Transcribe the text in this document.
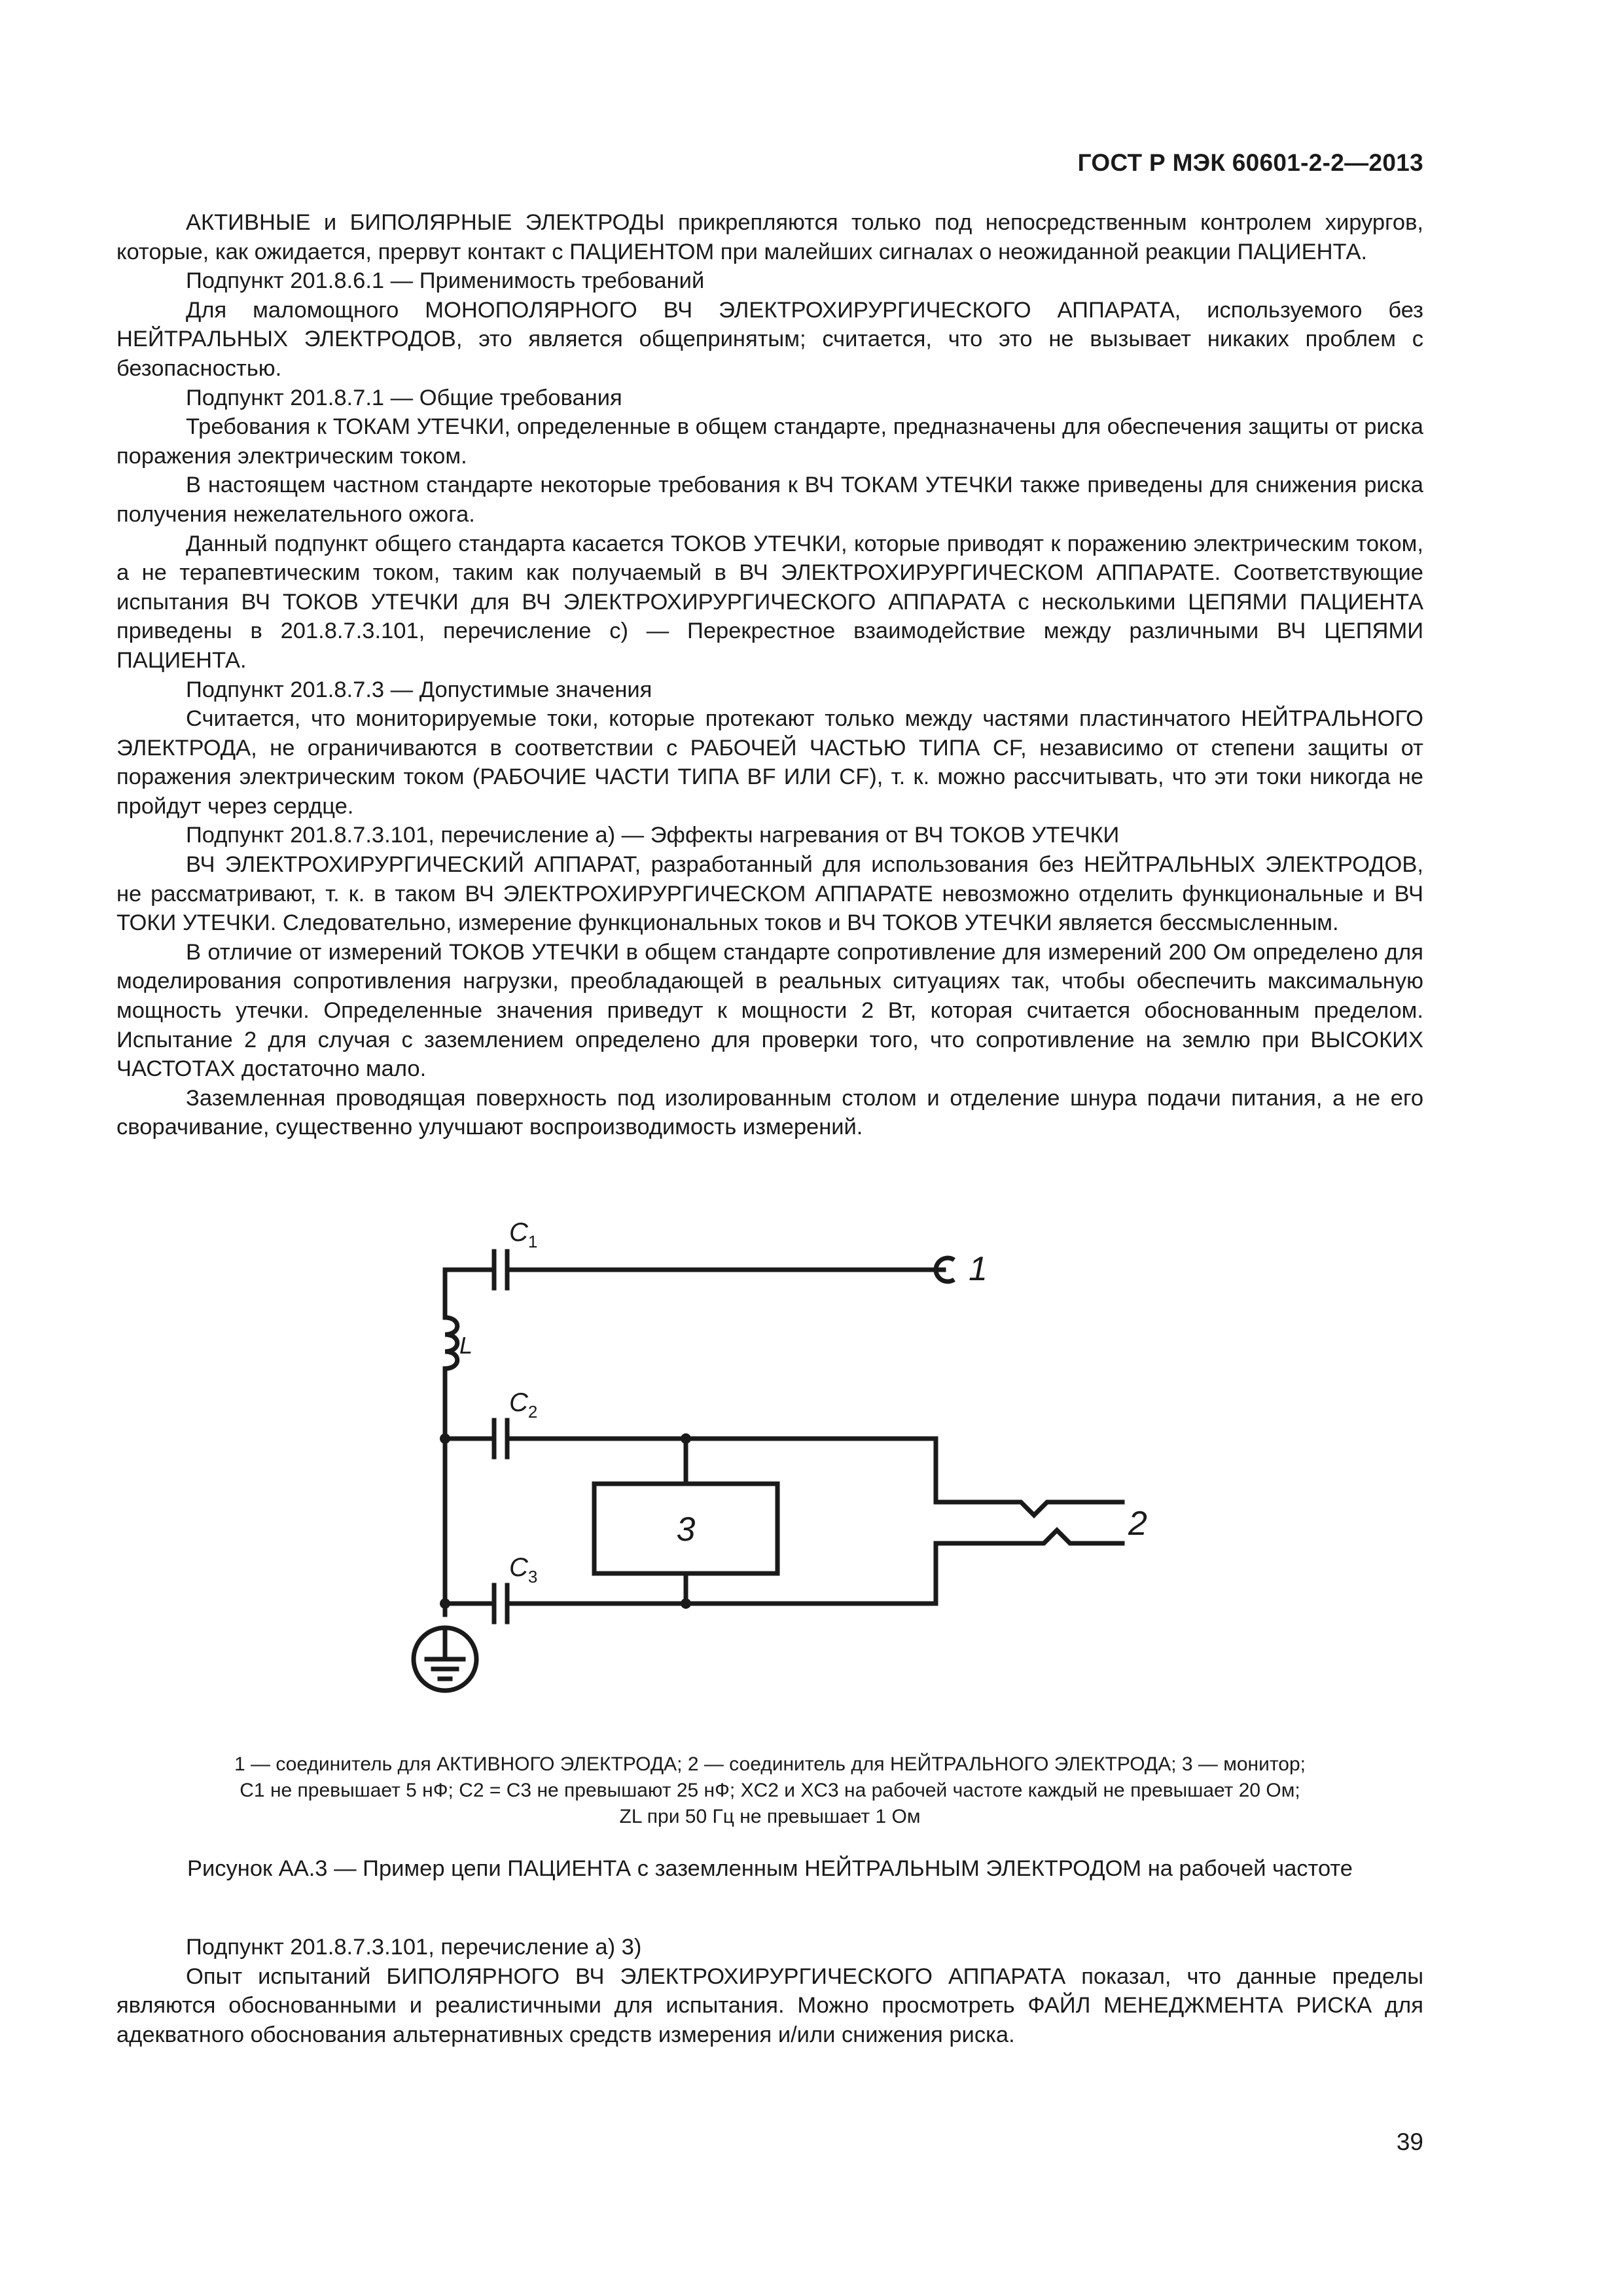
ГОСТ Р МЭК 60601-2-2—2013

АКТИВНЫЕ и БИПОЛЯРНЫЕ ЭЛЕКТРОДЫ прикрепляются только под непосредственным контролем хирургов, которые, как ожидается, прервут контакт с ПАЦИЕНТОМ при малейших сигналах о неожиданной реакции ПАЦИЕНТА.

Подпункт 201.8.6.1 — Применимость требований

Для маломощного МОНОПОЛЯРНОГО ВЧ ЭЛЕКТРОХИРУРГИЧЕСКОГО АППАРАТА, используемого без НЕЙТРАЛЬНЫХ ЭЛЕКТРОДОВ, это является общепринятым; считается, что это не вызывает никаких проблем с безопасностью.

Подпункт 201.8.7.1 — Общие требования

Требования к ТОКАМ УТЕЧКИ, определенные в общем стандарте, предназначены для обеспечения защиты от риска поражения электрическим током.

В настоящем частном стандарте некоторые требования к ВЧ ТОКАМ УТЕЧКИ также приведены для снижения риска получения нежелательного ожога.

Данный подпункт общего стандарта касается ТОКОВ УТЕЧКИ, которые приводят к поражению электрическим током, а не терапевтическим током, таким как получаемый в ВЧ ЭЛЕКТРОХИРУРГИЧЕСКОМ АППАРАТЕ. Соответствующие испытания ВЧ ТОКОВ УТЕЧКИ для ВЧ ЭЛЕКТРОХИРУРГИЧЕСКОГО АППАРАТА с несколькими ЦЕПЯМИ ПАЦИЕНТА приведены в 201.8.7.3.101, перечисление с) — Перекрестное взаимодействие между различными ВЧ ЦЕПЯМИ ПАЦИЕНТА.

Подпункт 201.8.7.3 — Допустимые значения

Считается, что мониторируемые токи, которые протекают только между частями пластинчатого НЕЙТРАЛЬНОГО ЭЛЕКТРОДА, не ограничиваются в соответствии с РАБОЧЕЙ ЧАСТЬЮ ТИПА CF, независимо от степени защиты от поражения электрическим током (РАБОЧИЕ ЧАСТИ ТИПА BF ИЛИ CF), т. к. можно рассчитывать, что эти токи никогда не пройдут через сердце.

Подпункт 201.8.7.3.101, перечисление а) — Эффекты нагревания от ВЧ ТОКОВ УТЕЧКИ

ВЧ ЭЛЕКТРОХИРУРГИЧЕСКИЙ АППАРАТ, разработанный для использования без НЕЙТРАЛЬНЫХ ЭЛЕКТРОДОВ, не рассматривают, т. к. в таком ВЧ ЭЛЕКТРОХИРУРГИЧЕСКОМ АППАРАТЕ невозможно отделить функциональные и ВЧ ТОКИ УТЕЧКИ. Следовательно, измерение функциональных токов и ВЧ ТОКОВ УТЕЧКИ является бессмысленным.

В отличие от измерений ТОКОВ УТЕЧКИ в общем стандарте сопротивление для измерений 200 Ом определено для моделирования сопротивления нагрузки, преобладающей в реальных ситуациях так, чтобы обеспечить максимальную мощность утечки. Определенные значения приведут к мощности 2 Вт, которая считается обоснованным пределом. Испытание 2 для случая с заземлением определено для проверки того, что сопротивление на землю при ВЫСОКИХ ЧАСТОТАХ достаточно мало.

Заземленная проводящая поверхность под изолированным столом и отделение шнура подачи питания, а не его сворачивание, существенно улучшают воспроизводимость измерений.

$C_1$
$C_2$
$C_3$
L
1
2
3
1 — соединитель для АКТИВНОГО ЭЛЕКТРОДА; 2 — соединитель для НЕЙТРАЛЬНОГО ЭЛЕКТРОДА; 3 — монитор;
C1 не превышает 5 нФ; C2 = C3 не превышают 25 нФ; XC2 и XC3 на рабочей частоте каждый не превышает 20 Ом;
ZL при 50 Гц не превышает 1 Ом
Рисунок АА.3 — Пример цепи ПАЦИЕНТА с заземленным НЕЙТРАЛЬНЫМ ЭЛЕКТРОДОМ на рабочей частоте

Подпункт 201.8.7.3.101, перечисление а) 3)

Опыт испытаний БИПОЛЯРНОГО ВЧ ЭЛЕКТРОХИРУРГИЧЕСКОГО АППАРАТА показал, что данные пределы являются обоснованными и реалистичными для испытания. Можно просмотреть ФАЙЛ МЕНЕДЖМЕНТА РИСКА для адекватного обоснования альтернативных средств измерения и/или снижения риска.

39
